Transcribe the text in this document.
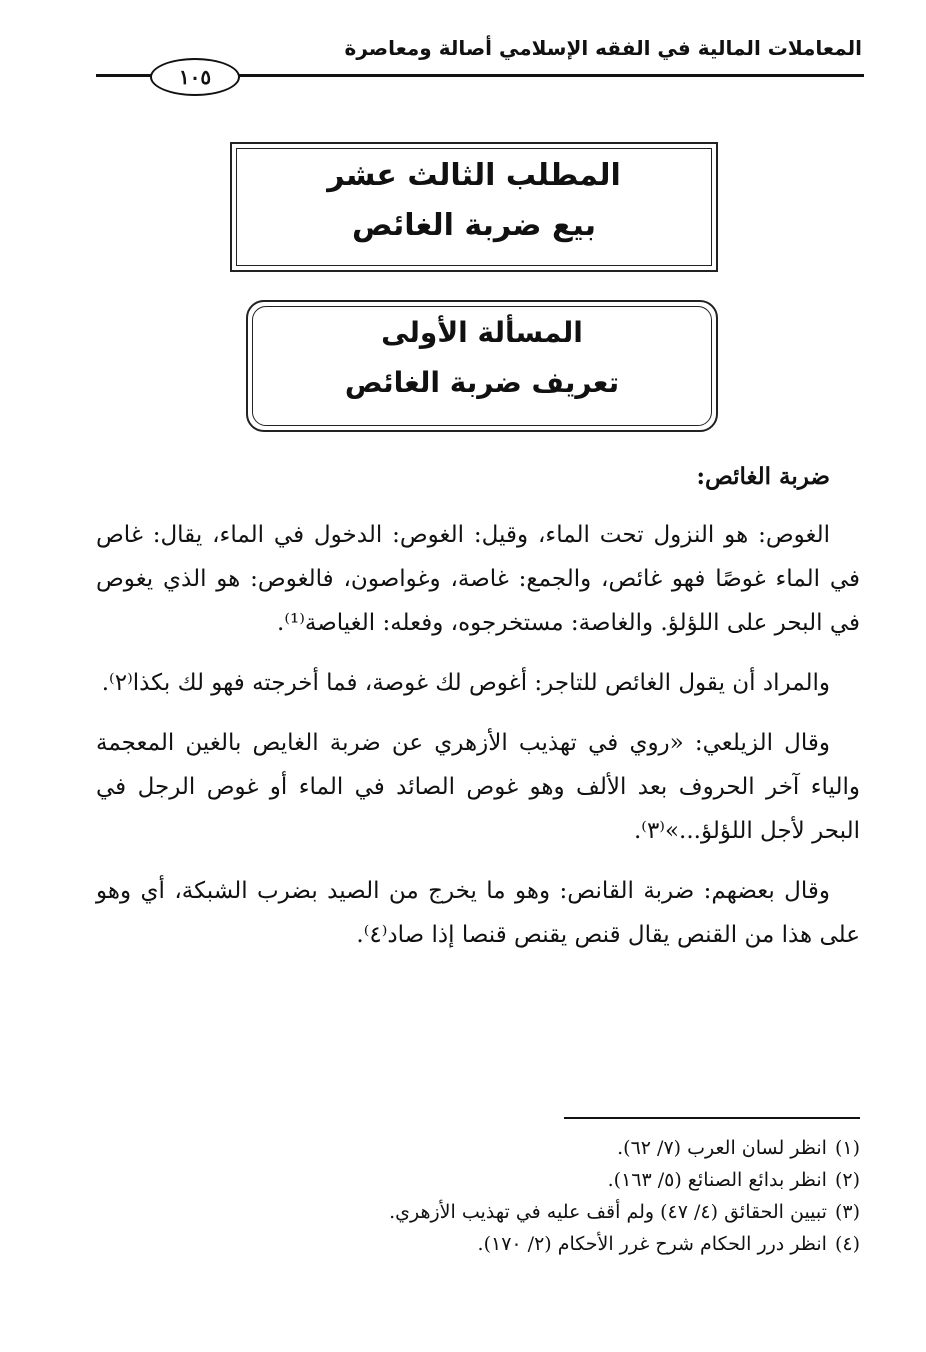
المعاملات المالية في الفقه الإسلامي أصالة ومعاصرة
١٠٥
المطلب الثالث عشر
بيع ضربة الغائص
المسألة الأولى
تعريف ضربة الغائص

ضربة الغائص:

الغوص: هو النزول تحت الماء، وقيل: الغوص: الدخول في الماء، يقال: غاص في الماء غوصًا فهو غائص، والجمع: غاصة، وغواصون، فالغوص: هو الذي يغوص في البحر على اللؤلؤ. والغاصة: مستخرجوه، وفعله: الغياصة⁽¹⁾.

والمراد أن يقول الغائص للتاجر: أغوص لك غوصة، فما أخرجته فهو لك بكذا⁽٢⁾.

وقال الزيلعي: «روي في تهذيب الأزهري عن ضربة الغايص بالغين المعجمة والياء آخر الحروف بعد الألف وهو غوص الصائد في الماء أو غوص الرجل في البحر لأجل اللؤلؤ...»⁽٣⁾.

وقال بعضهم: ضربة القانص: وهو ما يخرج من الصيد بضرب الشبكة، أي وهو على هذا من القنص يقال قنص يقنص قنصا إذا صاد⁽٤⁾.

(١)انظر لسان العرب (٧/ ٦٢).
(٢)انظر بدائع الصنائع (٥/ ١٦٣).
(٣)تبيين الحقائق (٤/ ٤٧) ولم أقف عليه في تهذيب الأزهري.
(٤)انظر درر الحكام شرح غرر الأحكام (٢/ ١٧٠).
